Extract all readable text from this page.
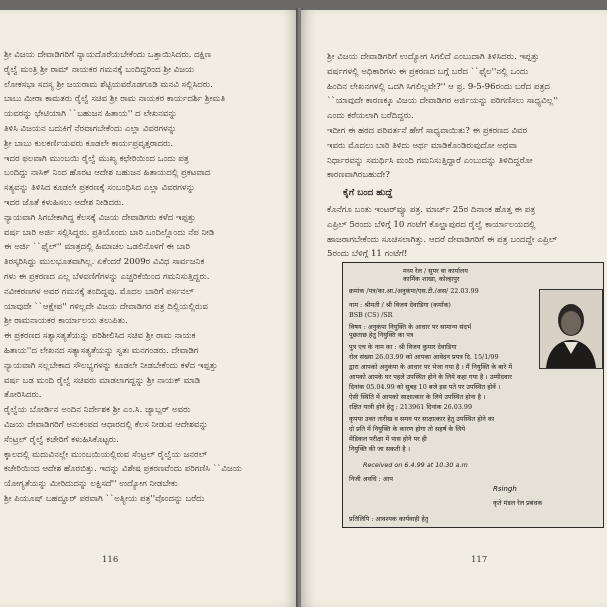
ಶ್ರೀ ವಿಜಯ ದೇವಾಡಿಗರಿಗೆ ನ್ಯಾಯದೊರೆಯಬೇಕೆಂದು ಒತ್ತಾಯಿಸಿದರು. ದಕ್ಷಿಣ
ರೈಲ್ವೆ ಮಂತ್ರಿ ಶ್ರೀ ರಾಮ್ ನಾಯಕರ ಗಮನಕ್ಕೆ ಬಂದಿದ್ದರಿಂದ ಶ್ರೀ ವಿಜಯ
ಲೋಕಸಭಾ ಸದಸ್ಯ ಶ್ರೀ ಜಯರಾಮ ಶೆಟ್ಟಿಯವರೊಡಗೂಡಿ ಮನವಿ ಸಲ್ಲಿಸಿದರು.
ಬಾಬು ಮೀರಾ ಕಾಮತರು ರೈಲ್ವೆ ಸಚಿವ ಶ್ರೀ ರಾಮ ನಾಯಕರ ಕಾರ್ಯದರ್ಶಿ ಶ್ರೀಮತಿ
ಯವರನ್ನು ಭೇಟಿಯಾಗಿ ``ಬಹುಜನ ಹಿತಾಯ'' ದ ಲೇಖನವನ್ನು
ತಿಳಿಸಿ ವಿಜಯನ ಬದುಕಿಗೆ ನೆರವಾಗಬೇಕೆಂದು ಎಲ್ಲಾ ವಿವರಗಳನ್ನು
ಶ್ರೀ ಬಾಬು ಕುಲಕರ್ಣಿಯವರು ಕೂಡಲೇ ಕಾರ್ಯಪ್ರವೃತ್ತರಾದರು.
ಇದರ ಫಲವಾಗಿ ಮುಂಬಯಿ ರೈಲ್ವೆ ಮುಖ್ಯ ಕಛೇರಿಯಿಂದ ಒಂದು ಪತ್ರ
ಬಂದಿದ್ದು ನಾಸಿಕ್ ನಿಂದ ಹೊರಟ ಆದೇಶ ಬಹುಜನ ಹಿತಾಯದಲ್ಲಿ ಪ್ರಕಟವಾದ
ಸತ್ಯವನ್ನು ತಿಳಿಸಿದ ಕೂಡಲೇ ಪ್ರಕರಣಕ್ಕೆ ಸಂಬಂಧಿಸಿದ ಎಲ್ಲಾ ವಿವರಗಳನ್ನು
ಇದರ ಜೊತೆ ಕಳುಹಿಸಲು ಆದೇಶ ನೀಡಿದರು.
ನ್ಯಾಯವಾಗಿ ಸಿಗಬೇಕಾಗಿದ್ದ ಕೆಲಸಕ್ಕೆ ವಿಜಯ ದೇವಾಡಿಗರು ಕಳೆದ ಇಪ್ಪತ್ತು
ವರ್ಷ ಬಾರಿ ಅರ್ಜಿ ಸಲ್ಲಿಸಿದ್ದರು. ಪ್ರತಿಯೊಂದು ಬಾರಿ ಒಂದಿಲ್ಲೊಂದು ನೆಪ ನೀಡಿ
ಈ ಅರ್ಜಿ ``ಫೈಲ್'' ಮಾತ್ರದಲ್ಲಿ ಹಿಮಾಚಲ ಒಡಲಿನೊಳಗೆ ಈ ಬಾರಿ
ತಿರಸ್ಕರಿಸಿದ್ದು ಮುಲಭೂತವಾಗಿಲ್ಲ. ಏಕೆಂದರೆ 2009ರ ವಿವಿಧ ಸಾರ್ವಜನಿಕ
ಗಳು ಈ ಪ್ರಕರಣದ ಎಲ್ಲ ಬೆಳವಣಿಗೆಗಳನ್ನು ಎಚ್ಚರಿಕೆಯಿಂದ ಗಮನಿಸುತ್ತಿದ್ದರು.
ನವೀಕರಣಗಳ ಅವರ ಗಮನಕ್ಕೆ ತಂದಿದ್ದವು. ಮೊದಲ ಬಾರಿಗೆ ಪರ್ಸನಲ್
ಯಾವುದೇ ``ಆಕ್ಷೇಪ'' ಗಳಿಲ್ಲದೇ ವಿಜಯ ದೇವಾಡಿಗರ ಪತ್ರ ದಿಲ್ಲಿಯಲ್ಲಿರುವ
ಶ್ರೀ ರಾಮನಾಯಕರ ಕಾರ್ಯಾಲಯ ತಲುಪಿತು.
ಈ ಪ್ರಕರಣದ ಸತ್ಯಾಸತ್ಯತೆಯನ್ನು ಪರಿಶೀಲಿಸಿದ ಸಚಿವ ಶ್ರೀ ರಾಮ ನಾಯಕ
ಹಿತಾಯ''ದ ಲೇಖನದ ಸತ್ಯಾಸತ್ಯತೆಯನ್ನು ಸ್ವತಃ ಮನಗಂಡರು. ದೇವಾಡಿಗ
ನ್ಯಾಯವಾಗಿ ಸಲ್ಲಬೇಕಾದ ಸೌಲಭ್ಯಗಳನ್ನು ಕೂಡಲೇ ನೀಡಬೇಕೆಂದು ಕಳೆದ ಇಪ್ಪತ್ತು
ವರ್ಷ ಬಡ ಮಂದಿ ರೈಲ್ವೆ ಸಚಿವರು ಮಾಡಲಾಗದ್ದನ್ನು ಶ್ರೀ ನಾಯಕ್ ಮಾಡಿ
ತೋರಿಸಿದರು.
ರೈಲ್ವೆಯ ಬೋರ್ಡಿನ ಅಂದಿನ ನಿರ್ದೇಶಕ ಶ್ರೀ ಎಂ.ಸಿ. ಜ್ಯಾಬ್ಲರ್ ಅವರು
ವಿಜಯ ದೇವಾಡಿಗರಿಗೆ ಅನುಕಂಪದ ಆಧಾರದಲ್ಲಿ ಕೆಲಸ ನೀಡುವ ಆದೇಶವನ್ನು
ಸೆಂಟ್ರಲ್ ರೈಲ್ವೆ ಕಚೇರಿಗೆ ಕಳುಹಿಸಿಕೊಟ್ಟರು.
ಕ್ಕಾಲದಲ್ಲಿ ಮದುವಿನಲ್ಲೇ ಮುಂಬಯಿಯಲ್ಲಿರುವ ಸೆಂಟ್ರಲ್ ರೈಲ್ವೆಯ ಜನರಲ್
ಕಚೇರಿಯಿಂದ ಆದೇಶ ಹೊರಬಿತ್ತು. ಇದನ್ನು ವಿಶೇಷ ಪ್ರಕರಣವೆಂದು ಪರಿಗಣಿಸಿ ``ವಿಜಯ
ಯೋಗ್ಯತೆಯನ್ನು ಮೀರಿದುದನ್ನು ಲಕ್ಷಿಸದೆ'' ಉದ್ಯೋಗ ನೀಡಬೇಕು
ಶ್ರೀ ಪಿಯೂಷ್ ಬಹದ್ದೂರ್ ಪರವಾಗಿ ``ಅತ್ಯೀಯ ಪತ್ರ''ವೊಂದನ್ನು ಬರೆದು
116
ಶ್ರೀ ವಿಜಯ ದೇವಾಡಿಗರಿಗೆ ಉದ್ಯೋಗ ಸಿಗಲಿದೆ ಎಂಬುದಾಗಿ ತಿಳಿಸಿದರು. ಇಪ್ಪತ್ತು
ವರ್ಷಗಳಲ್ಲಿ ಅಧಿಕಾರಿಗಳು ಈ ಪ್ರಕರಣದ ಬಗ್ಗೆ ಬರೆದ ``ಫೈಲ''ನಲ್ಲಿ ಒಂದು
ಹಿಂದಿನ ಲೇಖನಗಳಲ್ಲಿ ಒದಗಿ ಸಿಗಲಿಲ್ಲವೇ?'' ಆ ಪ್ರ. 9-5-96ರಂದು ಬರೆದ ಪತ್ರದ
``ಯಾವುದೇ ಕಾರಣಕ್ಕೂ ವಿಜಯ ದೇವಾಡಿಗರ ಅರ್ಜಿಯನ್ನು ಪರಿಗಣಿಸಲು ಸಾಧ್ಯವಿಲ್ಲ''
ಎಂದು ಕರೆಯಲಾಗಿ ಬರೆದಿದ್ದರು.
ಇದೀಗ ಈ ಹಠದ ಪರಿವರ್ತನೆ ಹೇಗೆ ಸಾಧ್ಯವಾಯಿತು? ಈ ಪ್ರಕರಣದ ವಿವರ
ಇವರು ಮೊದಲು ಬಾರಿ ತಿಳಿದು ಅರ್ಥ ಮಾಡಿಕೊಂಡಿರುವುದೋ ಅಥವಾ
ನಿರ್ಧಾರವನ್ನು ಸಮರ್ಥಿಸಿ ಮಂದಿ ಗಮನಿಸುತ್ತಿದ್ದಾರೆ ಎಂಬುದನ್ನು ತಿಳಿದಿದ್ದರೋ
ಕಾರಣವಾಗಿರಬಹುದೇ?
ಕೈಗೆ ಬಂದ ಹುದ್ದೆ
ಕೊನೆಗೂ ಬಂತು ಇಂಟರ್‌ವ್ಯೂ ಪತ್ರ. ಮಾರ್ಚ್ 25ರ ದಿನಾಂಕ ಹೊತ್ತ ಈ ಪತ್ರ
ಎಪ್ರಿಲ್ 5ರಂದು ಬೆಳಿಗ್ಗೆ 10 ಗಂಟೆಗೆ ಕೊಲ್ಹಾಪುರದ ರೈಲ್ವೆ ಕಾರ್ಯಾಲಯದಲ್ಲಿ
ಹಾಜರಾಗಬೇಕೆಂದು ಸೂಚಿಸಲಾಗಿತ್ತು. ಆದರೆ ದೇವಾಡಿಗರಿಗೆ ಈ ಪತ್ರ ಬಂದದ್ದೇ ಎಪ್ರಿಲ್
5ರಂದು ಬೆಳಿಗ್ಗೆ 11 ಗಂಟೆಗೆ!
117
मध्य रेल / सुपर वा कार्यालय
कार्मिक शाखा, कोल्हापुर
क्रमांक /पत्र/का.आ./अनुकंपा/एस.टी./अस/ 22.03.99
नाम : श्रीमती / श्री विजय देवाडिगा (कमाँक)
BSB (CS) /SR
विषय : अनुकंपा नियुक्ति के आधार पर सामान्य संदर्भ
पूछताछ हेतु नियुक्ति का पत्र
पुत्र एच के नाम का : श्री विजय कुमार देवाडिगा
रोल संख्या 26.03.99 को आपका आवेदन प्रपत्र दि. 15/1/99
द्वारा आपको अनुकंपा के आधार पर भेजा गया है । मैं नियुक्ति के बारे में
आपको आपके घर पहले उपस्थित होने के लिये कहा गया है । उम्मीदवार
दिनांक 05.04.99 को सुबह 10 बजे इस पते पर उपस्थित होवें ।
ऐसी स्थिति में आपको साक्षात्कार के लिये उपस्थित होना है ।
रक्षित यात्री होने हेतु : 213961 दिनांक 26.03.99
कृपया उक्त तारीख व समय पर साक्षात्कार हेतु उपस्थित होने का
दो प्रति में नियुक्ति के कारण होगा तो सहर्ष के लिये
मेडिकल परीक्षा में पास होने पर ही
नियुक्ति की जा सकती है ।
निजी अवधि : आप
प्रतिलिपि : आवश्यक कार्यवाही हेतु
Rsingh
कृते मंडल रेल प्रबंधक
Received on 6.4.99 at 10.30 a.m
